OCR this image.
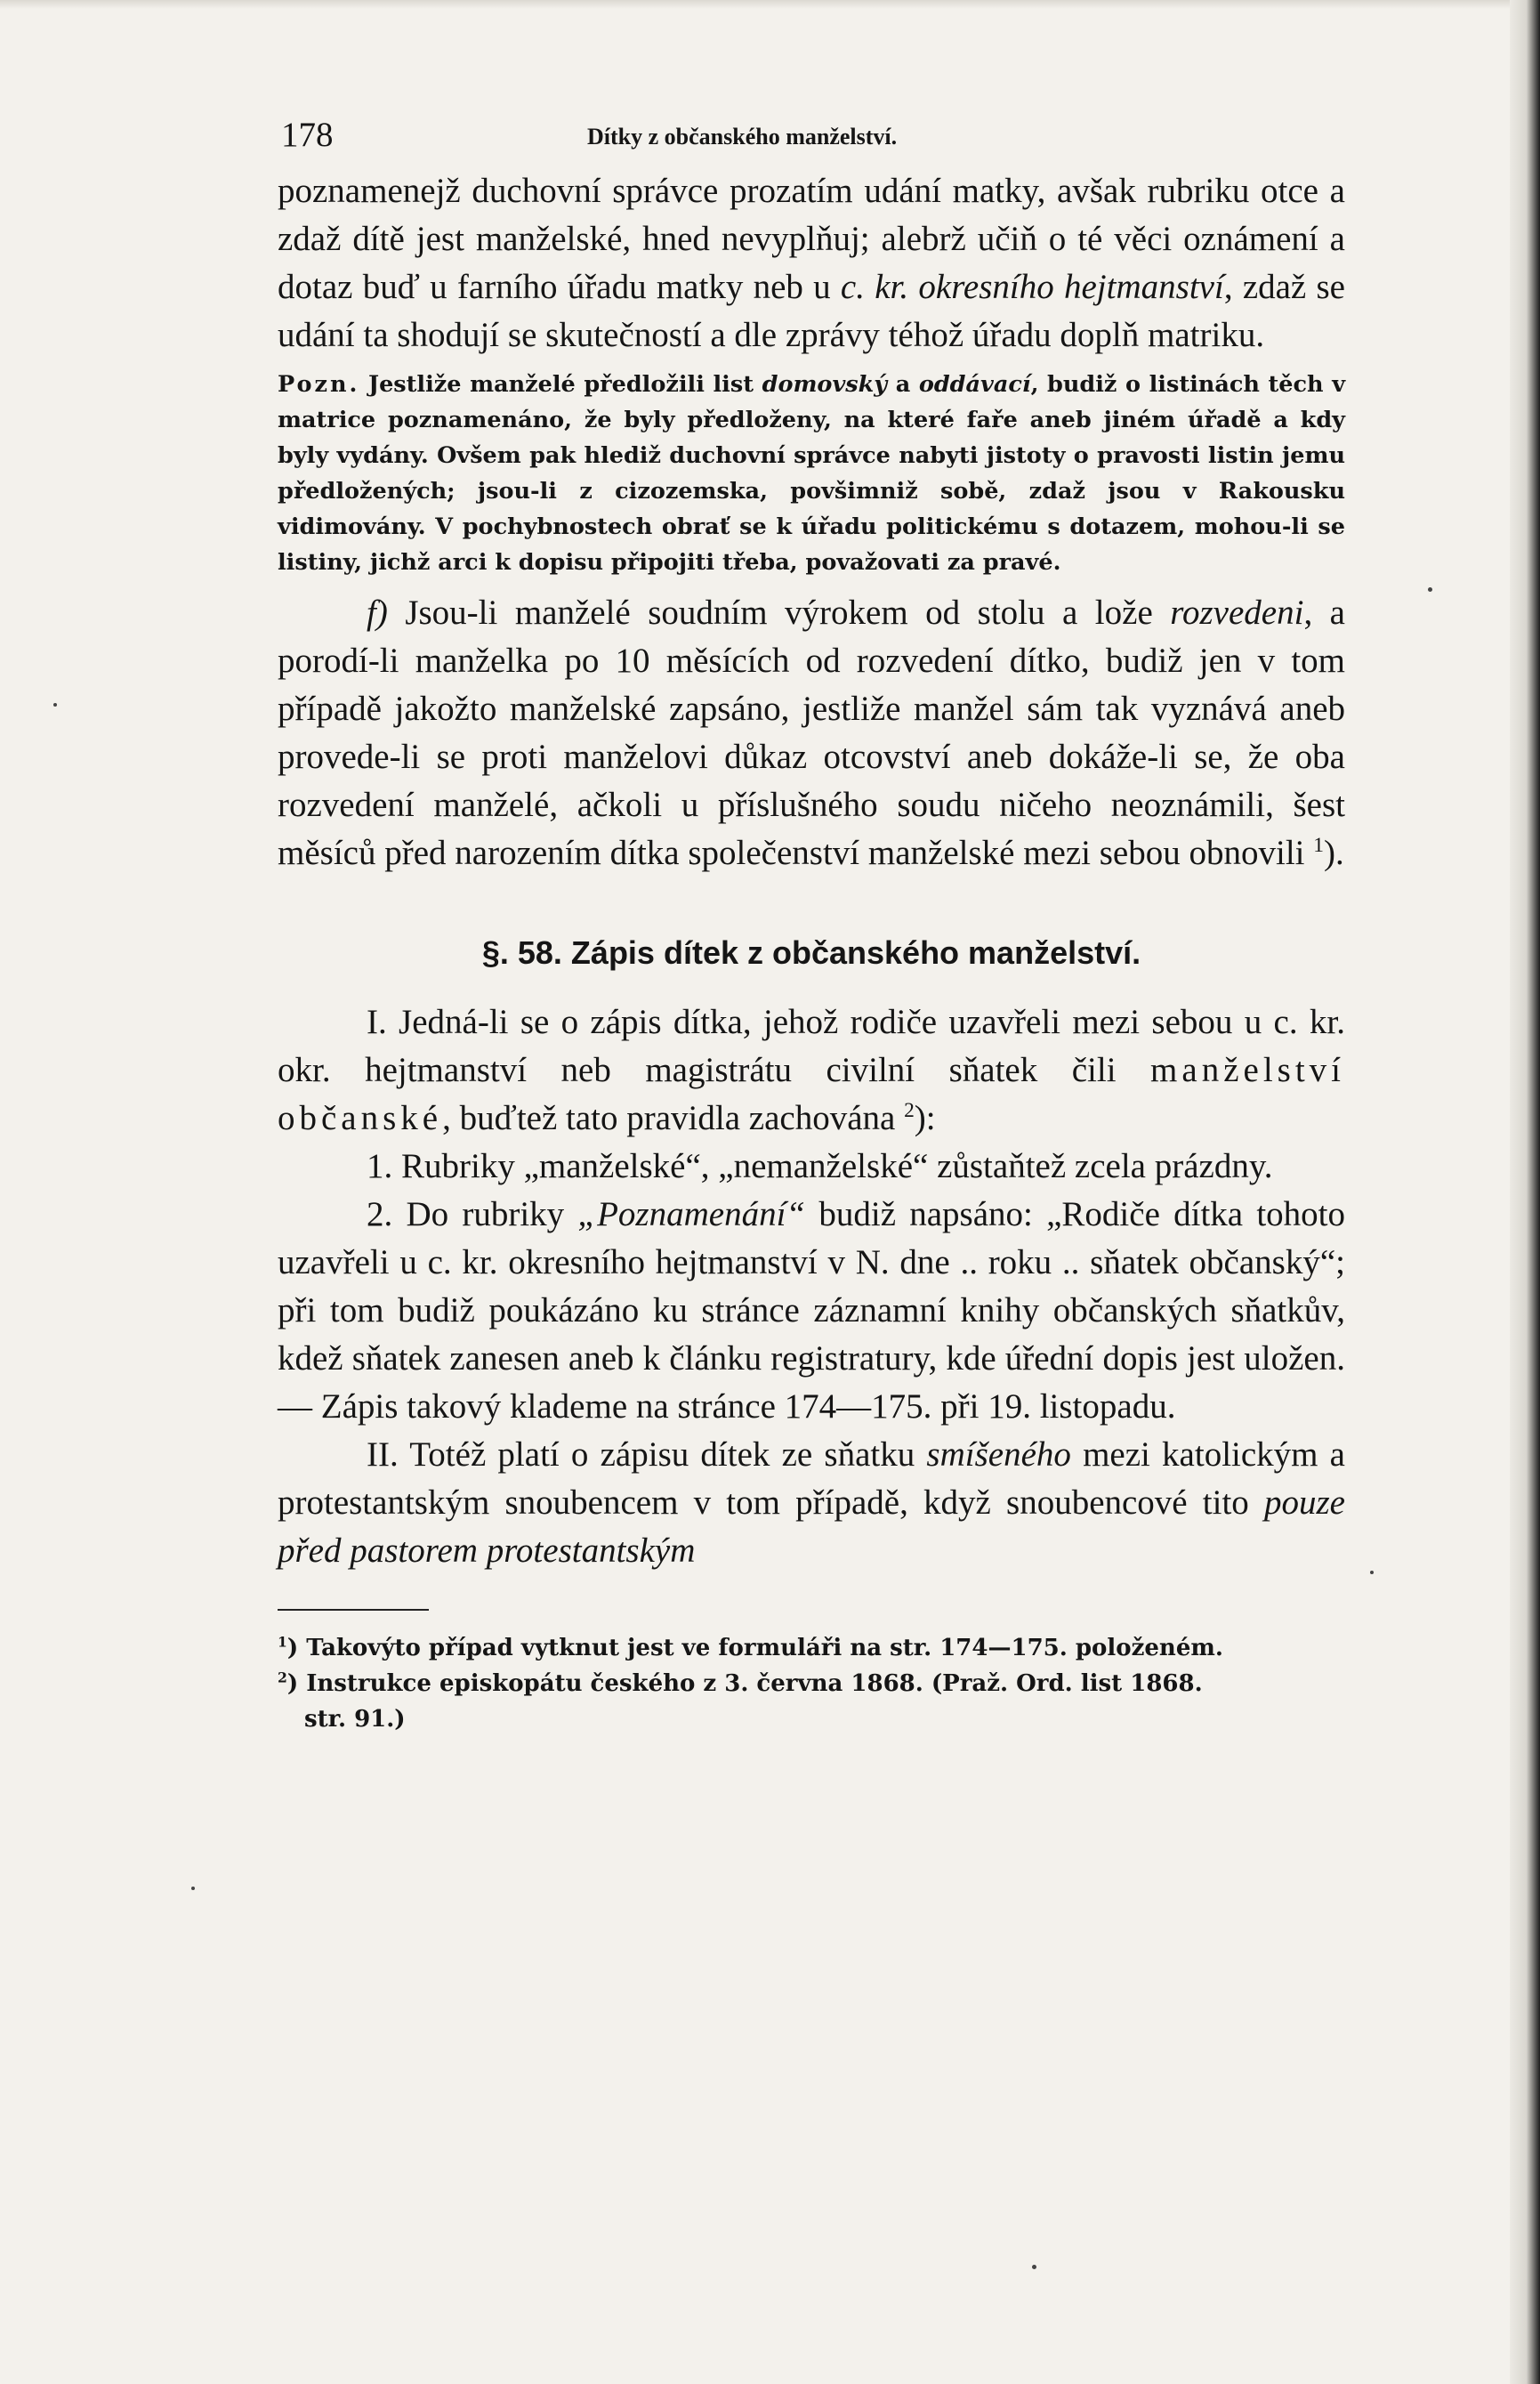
178	Dítky z občanského manželství.

poznamenejž duchovní správce prozatím udání matky, avšak rubriku otce a zdaž dítě jest manželské, hned nevyplňuj; alebrž učiň o té věci oznámení a dotaz buď u farního úřadu matky neb u c. kr. okresního hejtmanství, zdaž se udání ta shodují se skutečností a dle zprávy téhož úřadu doplň matriku.

Pozn. Jestliže manželé předložili list domovský a oddávací, budiž o listinách těch v matrice poznamenáno, že byly předloženy, na které faře aneb jiném úřadě a kdy byly vydány. Ovšem pak hlediž duchovní správce nabyti jistoty o pravosti listin jemu předložených; jsou-li z cizozemska, povšimniž sobě, zdaž jsou v Rakousku vidimovány. V pochybnostech obrať se k úřadu politickému s dotazem, mohou-li se listiny, jichž arci k dopisu připojiti třeba, považovati za pravé.

f) Jsou-li manželé soudním výrokem od stolu a lože rozvedeni, a porodí-li manželka po 10 měsících od rozvedení dítko, budiž jen v tom případě jakožto manželské zapsáno, jestliže manžel sám tak vyznává aneb provede-li se proti manželovi důkaz otcovství aneb dokáže-li se, že oba rozvedení manželé, ačkoli u příslušného soudu ničeho neoznámili, šest měsíců před narozením dítka společenství manželské mezi sebou obnovili $^1$).

§. 58. Zápis dítek z občanského manželství.

I. Jedná-li se o zápis dítka, jehož rodiče uzavřeli mezi sebou u c. kr. okr. hejtmanství neb magistrátu civilní sňatek čili manželství občanské, buďtež tato pravidla zachována $^2$):

1. Rubriky „manželské“, „nemanželské“ zůstaňtež zcela prázdny.

2. Do rubriky „Poznamenání“ budiž napsáno: „Rodiče dítka tohoto uzavřeli u c. kr. okresního hejtmanství v N. dne .. roku .. sňatek občanský“; při tom budiž poukázáno ku stránce záznamní knihy občanských sňatkův, kdež sňatek zanesen aneb k článku registratury, kde úřední dopis jest uložen. — Zápis takový klademe na stránce 174—175. při 19. listopadu.

II. Totéž platí o zápisu dítek ze sňatku smíšeného mezi katolickým a protestantským snoubencem v tom případě, když snoubencové tito pouze před pastorem protestantským

$^1$) Takovýto případ vytknut jest ve formuláři na str. 174—175. položeném.

$^2$) Instrukce episkopátu českého z 3. června 1868. (Praž. Ord. list 1868.

str. 91.)
